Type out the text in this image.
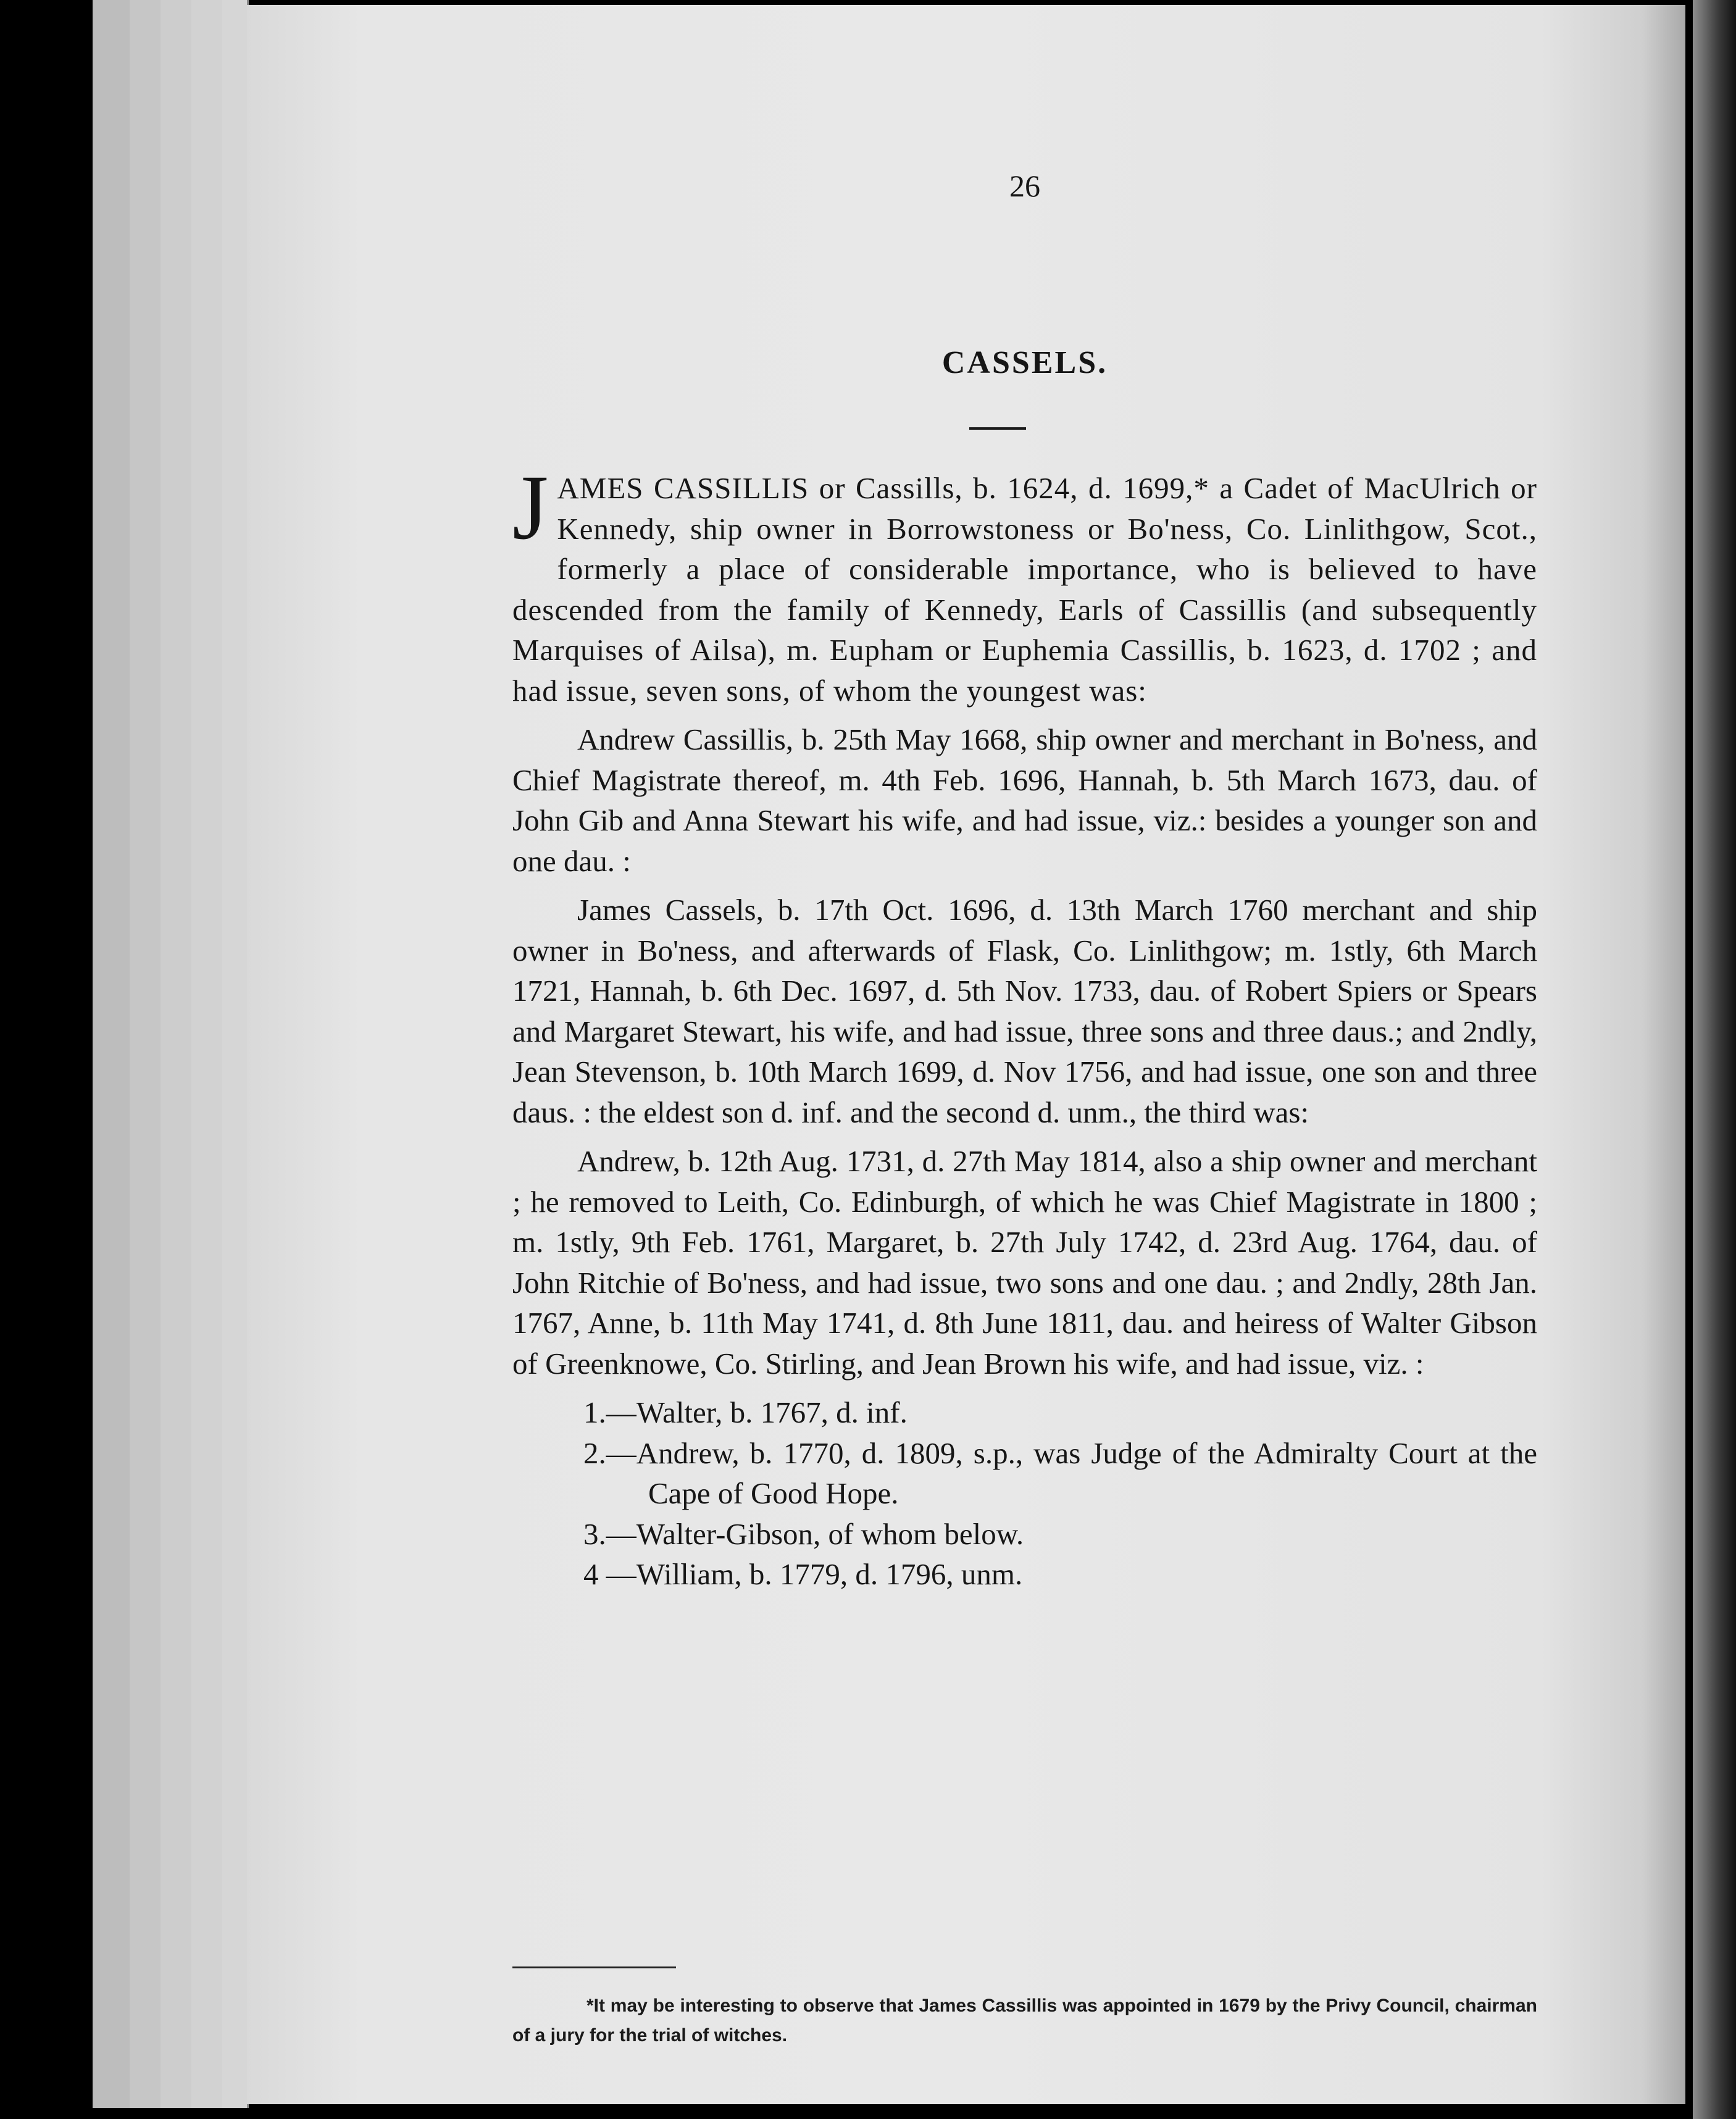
26
CASSELS.

JAMES CASSILLIS or Cassills, b. 1624, d. 1699,* a Cadet of MacUlrich or Kennedy, ship owner in Borrowstoness or Bo'ness, Co. Linlithgow, Scot., formerly a place of considerable importance, who is believed to have descended from the family of Kennedy, Earls of Cassillis (and subsequently Marquises of Ailsa), m. Eupham or Euphemia Cassillis, b. 1623, d. 1702 ; and had issue, seven sons, of whom the youngest was:

Andrew Cassillis, b. 25th May 1668, ship owner and merchant in Bo'ness, and Chief Magistrate thereof, m. 4th Feb. 1696, Hannah, b. 5th March 1673, dau. of John Gib and Anna Stewart his wife, and had issue, viz.: besides a younger son and one dau. :

James Cassels, b. 17th Oct. 1696, d. 13th March 1760 merchant and ship owner in Bo'ness, and afterwards of Flask, Co. Linlithgow; m. 1stly, 6th March 1721, Hannah, b. 6th Dec. 1697, d. 5th Nov. 1733, dau. of Robert Spiers or Spears and Margaret Stewart, his wife, and had issue, three sons and three daus.; and 2ndly, Jean Stevenson, b. 10th March 1699, d. Nov 1756, and had issue, one son and three daus. : the eldest son d. inf. and the second d. unm., the third was:

Andrew, b. 12th Aug. 1731, d. 27th May 1814, also a ship owner and merchant ; he removed to Leith, Co. Edinburgh, of which he was Chief Magistrate in 1800 ; m. 1stly, 9th Feb. 1761, Margaret, b. 27th July 1742, d. 23rd Aug. 1764, dau. of John Ritchie of Bo'ness, and had issue, two sons and one dau. ; and 2ndly, 28th Jan. 1767, Anne, b. 11th May 1741, d. 8th June 1811, dau. and heiress of Walter Gibson of Greenknowe, Co. Stirling, and Jean Brown his wife, and had issue, viz. :

1.—Walter, b. 1767, d. inf.
2.—Andrew, b. 1770, d. 1809, s.p., was Judge of the Admiralty Court at the Cape of Good Hope.
3.—Walter-Gibson, of whom below.
4 —William, b. 1779, d. 1796, unm.
*It may be interesting to observe that James Cassillis was appointed in 1679 by the Privy Council, chairman of a jury for the trial of witches.
